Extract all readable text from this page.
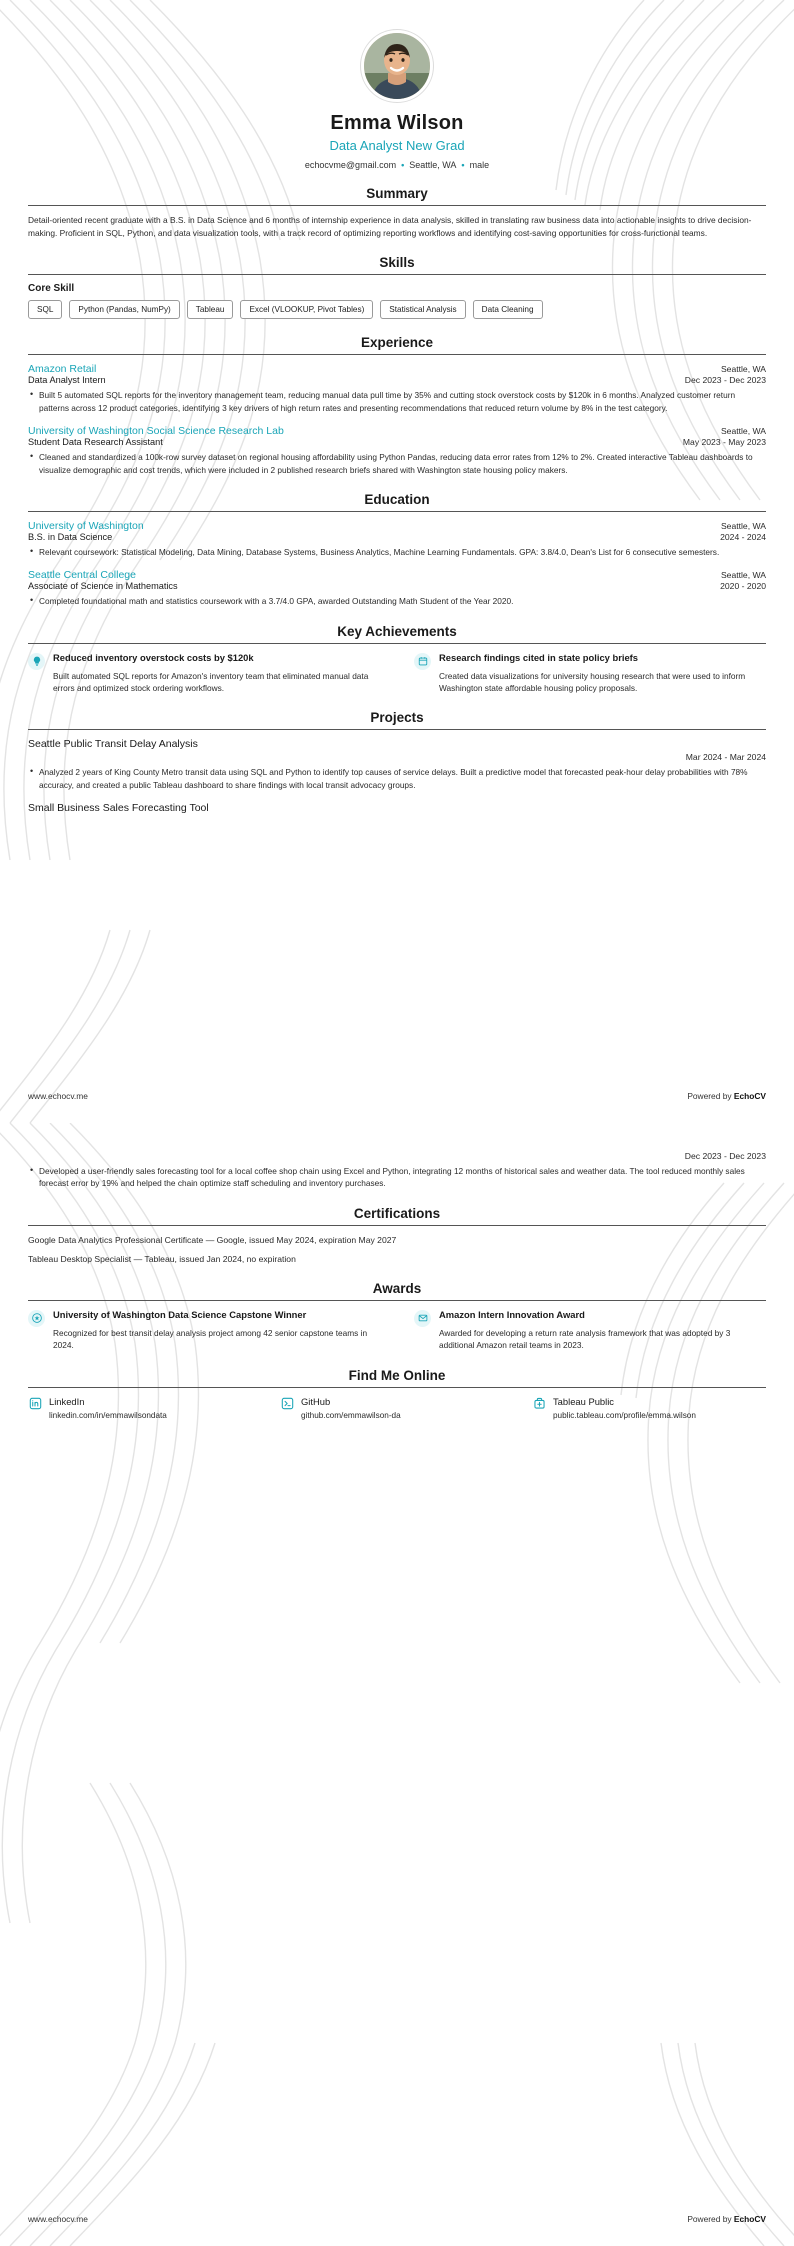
Emma Wilson
Data Analyst New Grad
echocvme@gmail.com • Seattle, WA • male
Summary
Detail-oriented recent graduate with a B.S. in Data Science and 6 months of internship experience in data analysis, skilled in translating raw business data into actionable insights to drive decision-making. Proficient in SQL, Python, and data visualization tools, with a track record of optimizing reporting workflows and identifying cost-saving opportunities for cross-functional teams.
Skills
Core Skill
SQL	Python (Pandas, NumPy)	Tableau	Excel (VLOOKUP, Pivot Tables)	Statistical Analysis	Data Cleaning
Experience
Amazon Retail	Seattle, WA
Data Analyst Intern	Dec 2023 - Dec 2023
• Built 5 automated SQL reports for the inventory management team, reducing manual data pull time by 35% and cutting stock overstock costs by $120k in 6 months. Analyzed customer return patterns across 12 product categories, identifying 3 key drivers of high return rates and presenting recommendations that reduced return volume by 8% in the test category.
University of Washington Social Science Research Lab	Seattle, WA
Student Data Research Assistant	May 2023 - May 2023
• Cleaned and standardized a 100k-row survey dataset on regional housing affordability using Python Pandas, reducing data error rates from 12% to 2%. Created interactive Tableau dashboards to visualize demographic and cost trends, which were included in 2 published research briefs shared with Washington state housing policy makers.
Education
University of Washington	Seattle, WA
B.S. in Data Science	2024 - 2024
• Relevant coursework: Statistical Modeling, Data Mining, Database Systems, Business Analytics, Machine Learning Fundamentals. GPA: 3.8/4.0, Dean's List for 6 consecutive semesters.
Seattle Central College	Seattle, WA
Associate of Science in Mathematics	2020 - 2020
• Completed foundational math and statistics coursework with a 3.7/4.0 GPA, awarded Outstanding Math Student of the Year 2020.
Key Achievements
Reduced inventory overstock costs by $120k
Built automated SQL reports for Amazon's inventory team that eliminated manual data errors and optimized stock ordering workflows.
Research findings cited in state policy briefs
Created data visualizations for university housing research that were used to inform Washington state affordable housing policy proposals.
Projects
Seattle Public Transit Delay Analysis
Mar 2024 - Mar 2024
• Analyzed 2 years of King County Metro transit data using SQL and Python to identify top causes of service delays. Built a predictive model that forecasted peak-hour delay probabilities with 78% accuracy, and created a public Tableau dashboard to share findings with local transit advocacy groups.
Small Business Sales Forecasting Tool
www.echocv.me	Powered by EchoCV
Dec 2023 - Dec 2023
• Developed a user-friendly sales forecasting tool for a local coffee shop chain using Excel and Python, integrating 12 months of historical sales and weather data. The tool reduced monthly sales forecast error by 19% and helped the chain optimize staff scheduling and inventory purchases.
Certifications
Google Data Analytics Professional Certificate — Google, issued May 2024, expiration May 2027
Tableau Desktop Specialist — Tableau, issued Jan 2024, no expiration
Awards
University of Washington Data Science Capstone Winner
Recognized for best transit delay analysis project among 42 senior capstone teams in 2024.
Amazon Intern Innovation Award
Awarded for developing a return rate analysis framework that was adopted by 3 additional Amazon retail teams in 2023.
Find Me Online
LinkedIn
linkedin.com/in/emmawilsondata
GitHub
github.com/emmawilson-da
Tableau Public
public.tableau.com/profile/emma.wilson
www.echocv.me	Powered by EchoCV
